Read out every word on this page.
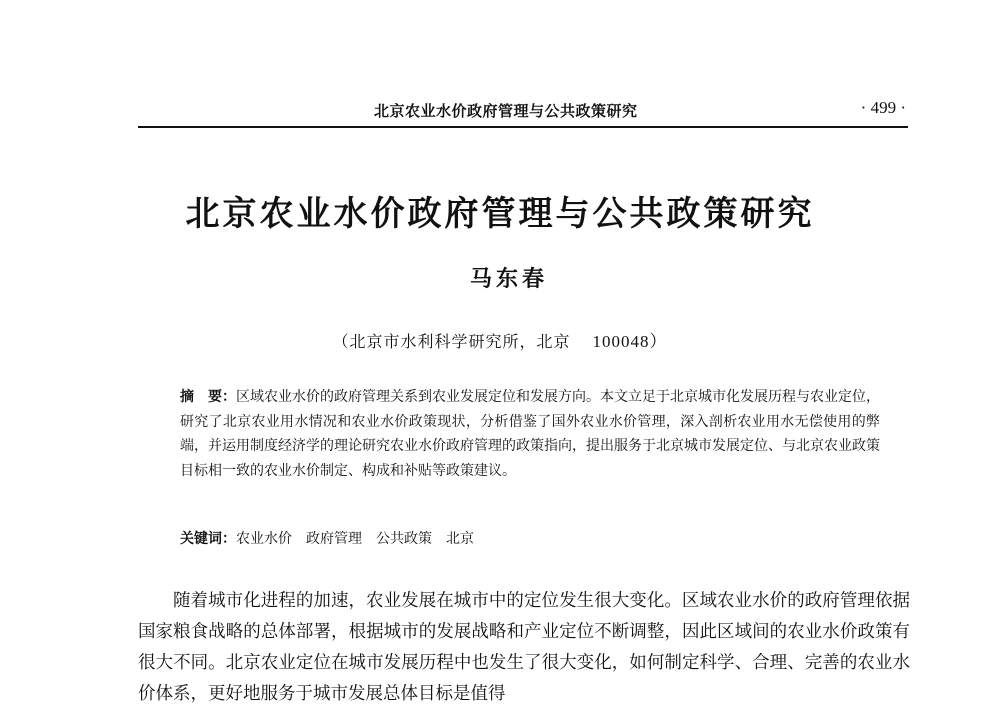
北京农业水价政府管理与公共政策研究	· 499 ·
北京农业水价政府管理与公共政策研究
马东春
（北京市水利科学研究所，北京 100048）
摘　要：区域农业水价的政府管理关系到农业发展定位和发展方向。本文立足于北京城市化发展历程与农业定位，研究了北京农业用水情况和农业水价政策现状，分析借鉴了国外农业水价管理，深入剖析农业用水无偿使用的弊端，并运用制度经济学的理论研究农业水价政府管理的政策指向，提出服务于北京城市发展定位、与北京农业政策目标相一致的农业水价制定、构成和补贴等政策建议。
关键词：农业水价 政府管理 公共政策 北京
随着城市化进程的加速，农业发展在城市中的定位发生很大变化。区域农业水价的政府管理依据国家粮食战略的总体部署，根据城市的发展战略和产业定位不断调整，因此区域间的农业水价政策有很大不同。北京农业定位在城市发展历程中也发生了很大变化，如何制定科学、合理、完善的农业水价体系，更好地服务于城市发展总体目标是值得
